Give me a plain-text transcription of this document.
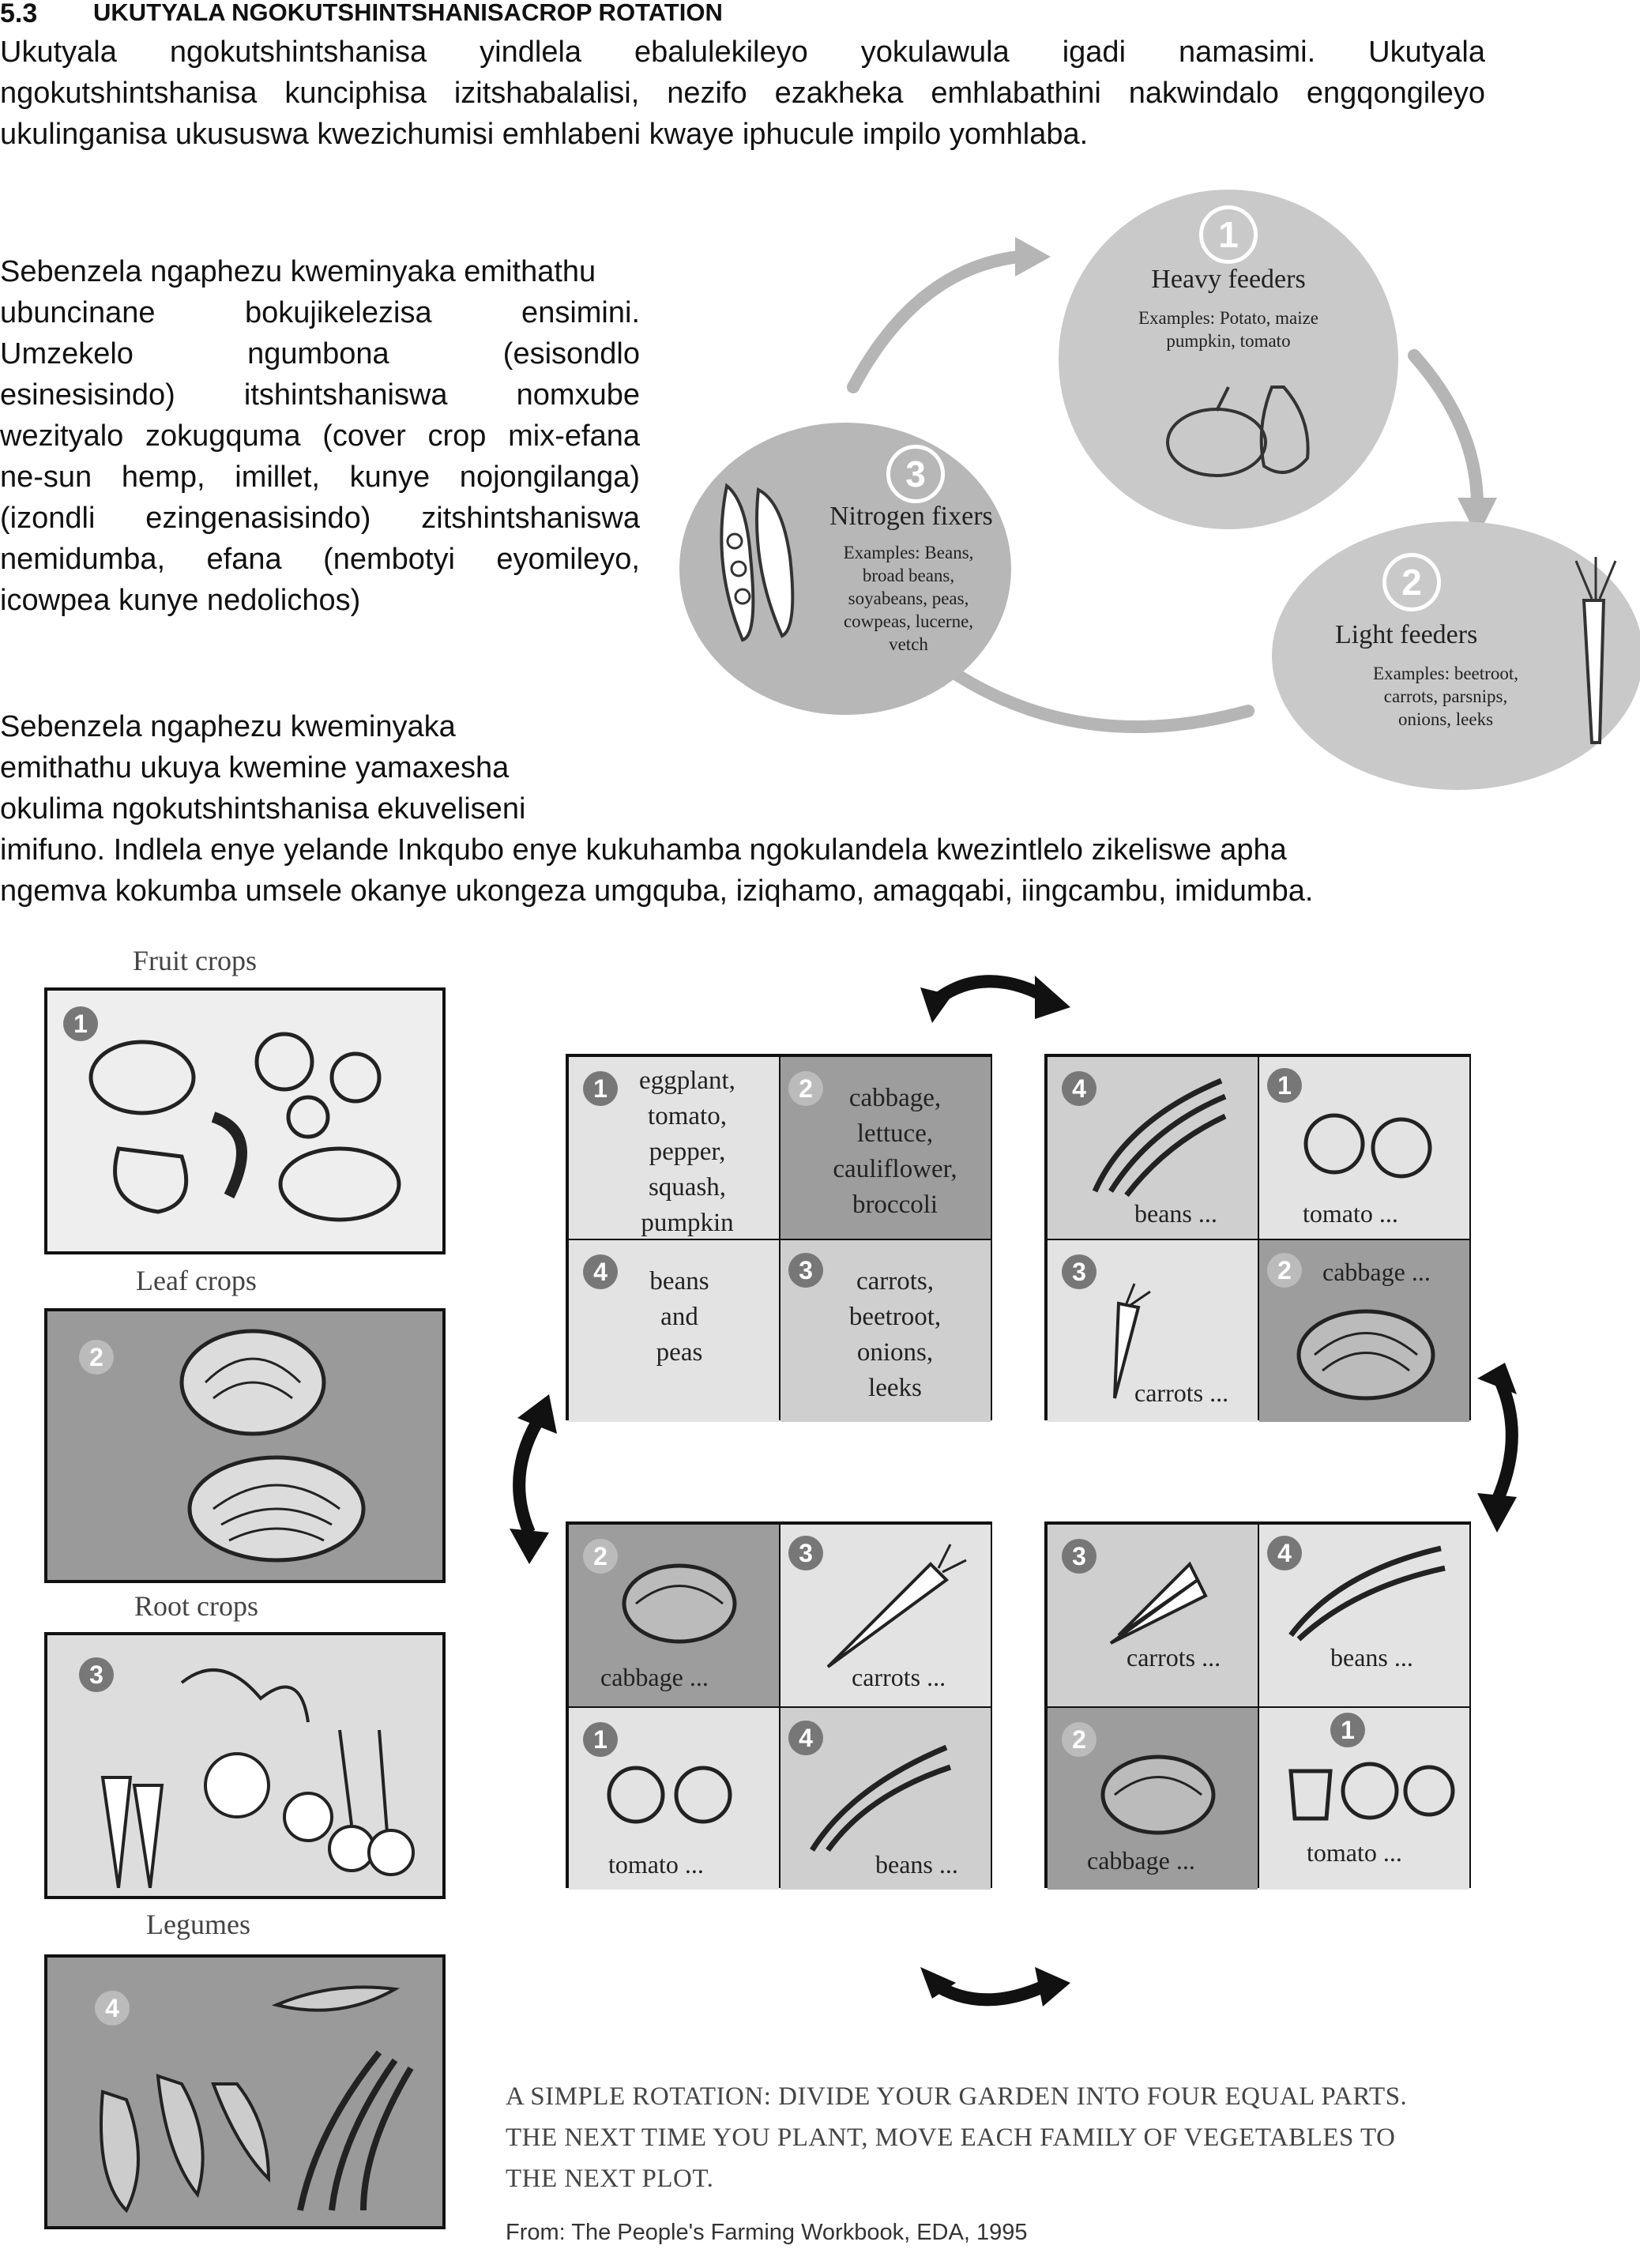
5.3 UKUTYALA NGOKUTSHINTSHANISACROP ROTATION
Ukutyala ngokutshintshanisa yindlela ebalulekileyo yokulawula igadi namasimi. Ukutyala
ngokutshintshanisa kunciphisa izitshabalalisi, nezifo ezakheka emhlabathini nakwindalo engqongileyo
ukulinganisa ukususwa kwezichumisi emhlabeni kwaye iphucule impilo yomhlaba.
Sebenzela ngaphezu kweminyaka emithathu
ubuncinane bokujikelezisa ensimini.
Umzekelo ngumbona (esisondlo
esinesisindo) itshintshaniswa nomxube
wezityalo zokugquma (cover crop mix-efana
ne-sun hemp, imillet, kunye nojongilanga)
(izondli ezingenasisindo) zitshintshaniswa
nemidumba, efana (nembotyi eyomileyo,
icowpea kunye nedolichos)
Sebenzela ngaphezu kweminyaka
emithathu ukuya kwemine yamaxesha
okulima ngokutshintshanisa ekuveliseni
imifuno. Indlela enye yelande Inkqubo enye kukuhamba ngokulandela kwezintlelo zikeliswe apha
ngemva kokumba umsele okanye ukongeza umgquba, iziqhamo, amagqabi, iingcambu, imidumba.
1
Heavy feeders
Examples: Potato, maize
pumpkin, tomato
2
Light feeders
Examples: beetroot,
carrots, parsnips,
onions, leeks
3
Nitrogen fixers
Examples: Beans,
broad beans,
soyabeans, peas,
cowpeas, lucerne,
vetch
Fruit crops
1
Leaf crops
2
Root crops
3
Legumes
4
1	eggplant,
tomato,
pepper,
squash,
pumpkin
2	cabbage,
lettuce,
cauliflower,
broccoli
4	beans
and
peas
3	carrots,
beetroot,
onions,
leeks
4
beans ...
1
tomato ...
3
carrots ...
2	cabbage ...
2
cabbage ...
3
carrots ...
1
tomato ...
4
beans ...
3
carrots ...
4
beans ...
2
cabbage ...
1
tomato ...
A SIMPLE ROTATION: DIVIDE YOUR GARDEN INTO FOUR EQUAL PARTS.
THE NEXT TIME YOU PLANT, MOVE EACH FAMILY OF VEGETABLES TO
THE NEXT PLOT.
From: The People's Farming Workbook, EDA, 1995
